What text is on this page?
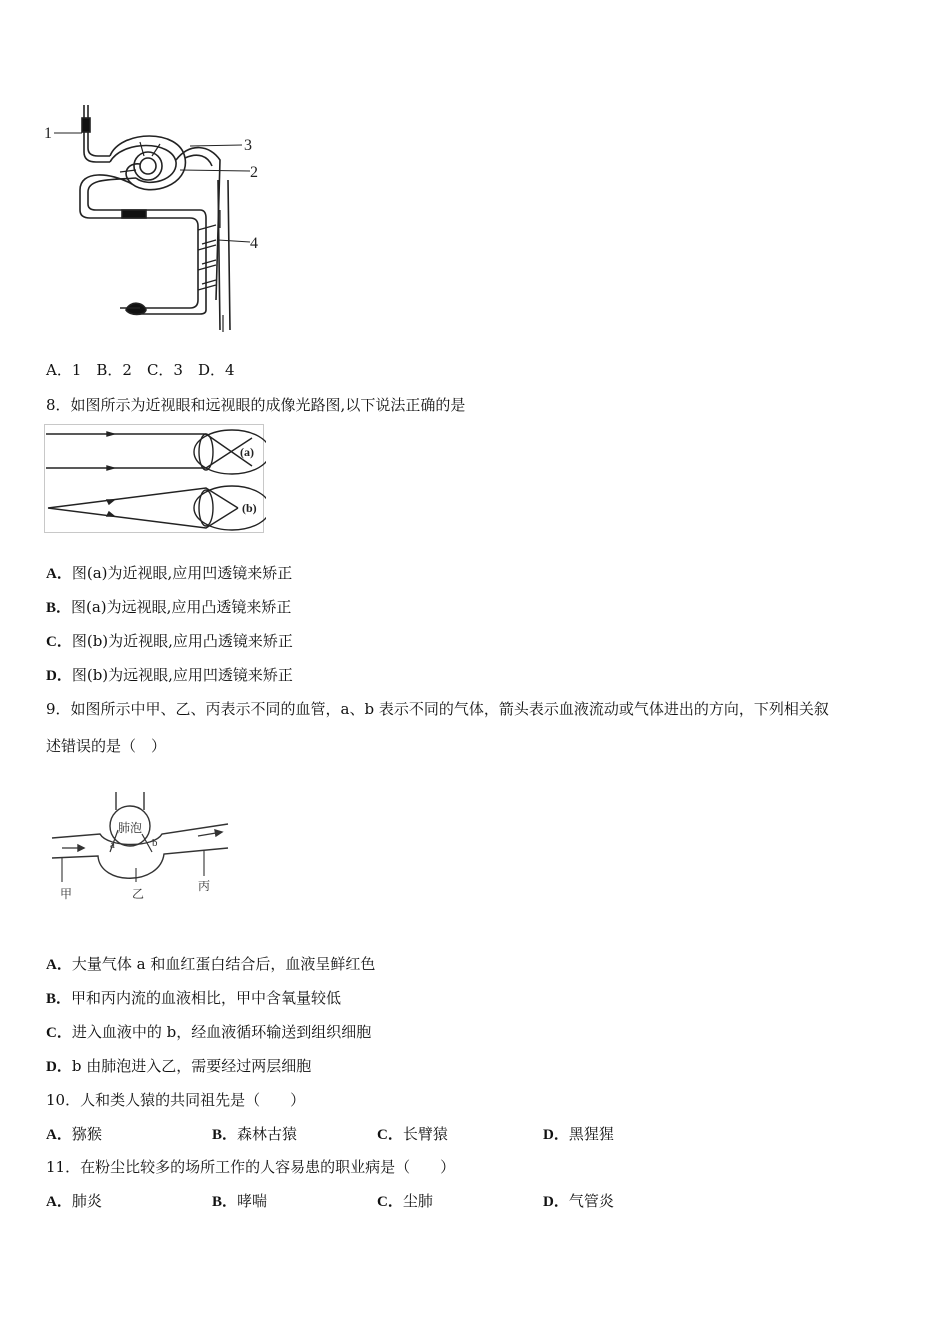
1
3
2
4
A．1　B．2　C．3　D．4
8．如图所示为近视眼和远视眼的成像光路图,以下说法正确的是
(a)
(b)
A．图(a)为近视眼,应用凹透镜来矫正
B．图(a)为远视眼,应用凸透镜来矫正
C．图(b)为近视眼,应用凸透镜来矫正
D．图(b)为远视眼,应用凹透镜来矫正
9．如图所示中甲、乙、丙表示不同的血管，a、b 表示不同的气体，箭头表示血液流动或气体进出的方向，下列相关叙
述错误的是（　）
肺泡
a	b
甲	乙
丙
A．大量气体 a 和血红蛋白结合后，血液呈鲜红色
B．甲和丙内流的血液相比，甲中含氧量较低
C．进入血液中的 b，经血液循环输送到组织细胞
D．b 由肺泡进入乙，需要经过两层细胞
10．人和类人猿的共同祖先是（　　）
A．猕猴	B．森林古猿	C．长臂猿	D．黑猩猩
11．在粉尘比较多的场所工作的人容易患的职业病是（　　）
A．肺炎	B．哮喘	C．尘肺	D．气管炎
